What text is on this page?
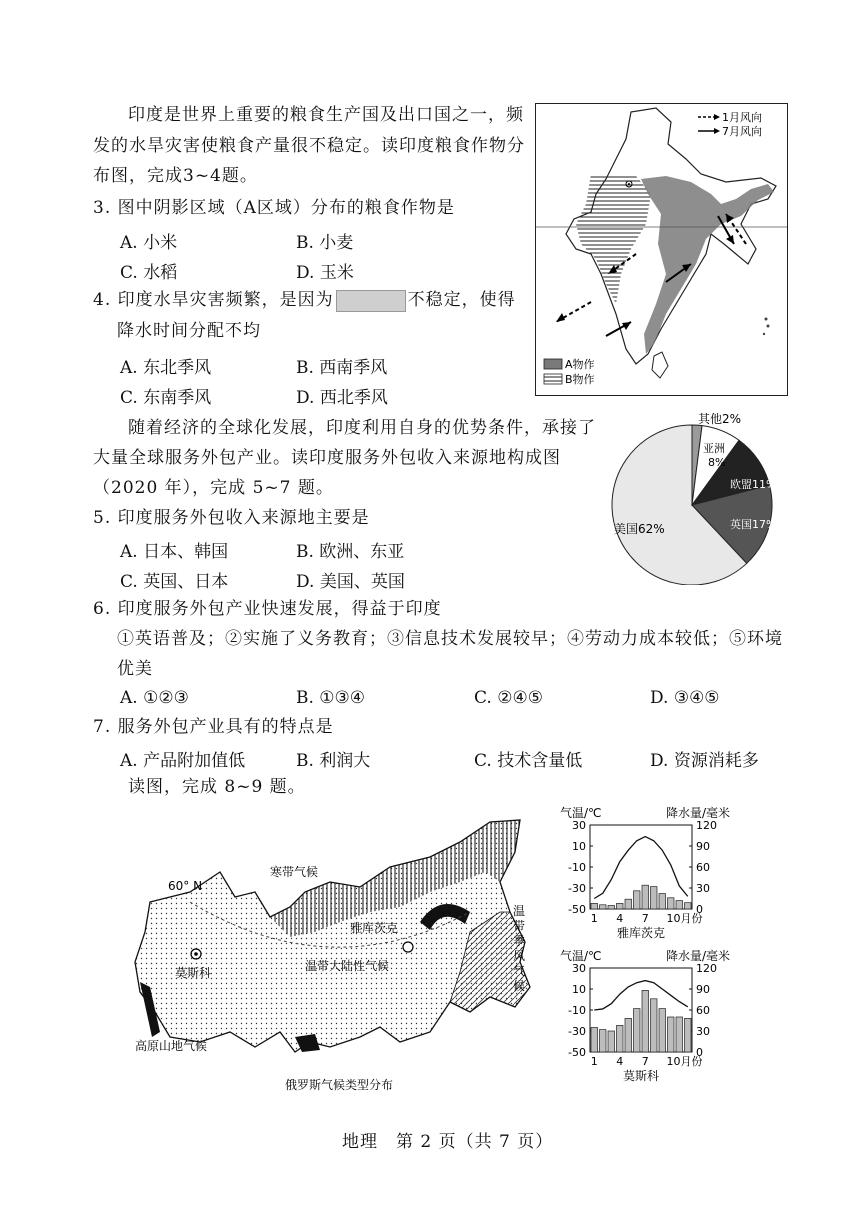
印度是世界上重要的粮食生产国及出口国之一，频
发的水旱灾害使粮食产量很不稳定。读印度粮食作物分
布图，完成3~4题。
3. 图中阴影区域（A区域）分布的粮食作物是
A. 小米	B. 小麦
C. 水稻	D. 玉米
4. 印度水旱灾害频繁，是因为	不稳定，使得
降水时间分配不均
A. 东北季风	B. 西南季风
C. 东南季风	D. 西北季风
1月风向
7月风向
A物作
B物作
随着经济的全球化发展，印度利用自身的优势条件，承接了
大量全球服务外包产业。读印度服务外包收入来源地构成图
（2020 年），完成 5~7 题。
其他2%
亚洲
8%
欧盟11%
英国17%
美国62%
5. 印度服务外包收入来源地主要是
A. 日本、韩国	B. 欧洲、东亚
C. 英国、日本	D. 美国、英国
6. 印度服务外包产业快速发展，得益于印度
①英语普及；②实施了义务教育；③信息技术发展较早；④劳动力成本较低；⑤环境
优美
A. ①②③	B. ①③④	C. ②④⑤	D. ③④⑤
7. 服务外包产业具有的特点是
A. 产品附加值低	B. 利润大	C. 技术含量低	D. 资源消耗多
读图，完成 8~9 题。
60° N
寒带气候
雅库茨克
莫斯科	温带大陆性气候
高原山地气候
温
带
季
风
气
候
俄罗斯气候类型分布
气温/℃	降水量/毫米
30
10
-10
-30
-50
120
90
60
30
0
1 4 7 10月份
雅库茨克
气温/℃	降水量/毫米
30
10
-10
-30
-50
120
90
60
30
0
1 4 7 10月份
莫斯科
地理　第 2 页（共 7 页）
